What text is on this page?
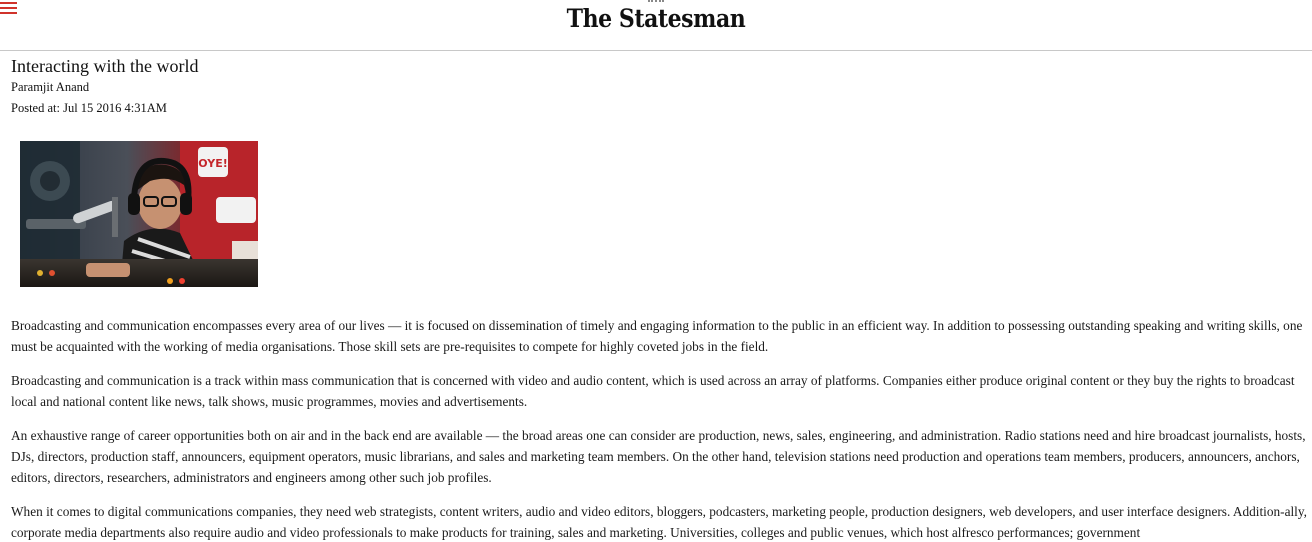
The Statesman
Interacting with the world
Paramjit Anand
Posted at: Jul 15 2016 4:31AM
OYE!

Broadcasting and communication encompasses every area of our lives — it is focused on dissemination of timely and engaging information to the public in an efficient way. In addition to possessing outstanding speaking and writing skills, one must be acquainted with the working of media organisations. Those skill sets are pre-requisites to compete for highly coveted jobs in the field.

Broadcasting and communication is a track within mass communication that is concerned with video and audio content, which is used across an array of platforms. Companies either produce original content or they buy the rights to broadcast local and national content like news, talk shows, music programmes, movies and advertisements.

An exhaustive range of career opportunities both on air and in the back end are available — the broad areas one can consider are production, news, sales, engineering, and administration. Radio stations need and hire broadcast journalists, hosts, DJs, directors, production staff, announcers, equipment operators, music librarians, and sales and marketing team members. On the other hand, television stations need production and operations team members, producers, announcers, anchors, editors, directors, researchers, administrators and engineers among other such job profiles.

When it comes to digital communications companies, they need web strategists, content writers, audio and video editors, bloggers, podcasters, marketing people, production designers, web developers, and user interface designers. Addition-ally, corporate media departments also require audio and video professionals to make products for training, sales and marketing. Universities, colleges and public venues, which host alfresco performances; government
